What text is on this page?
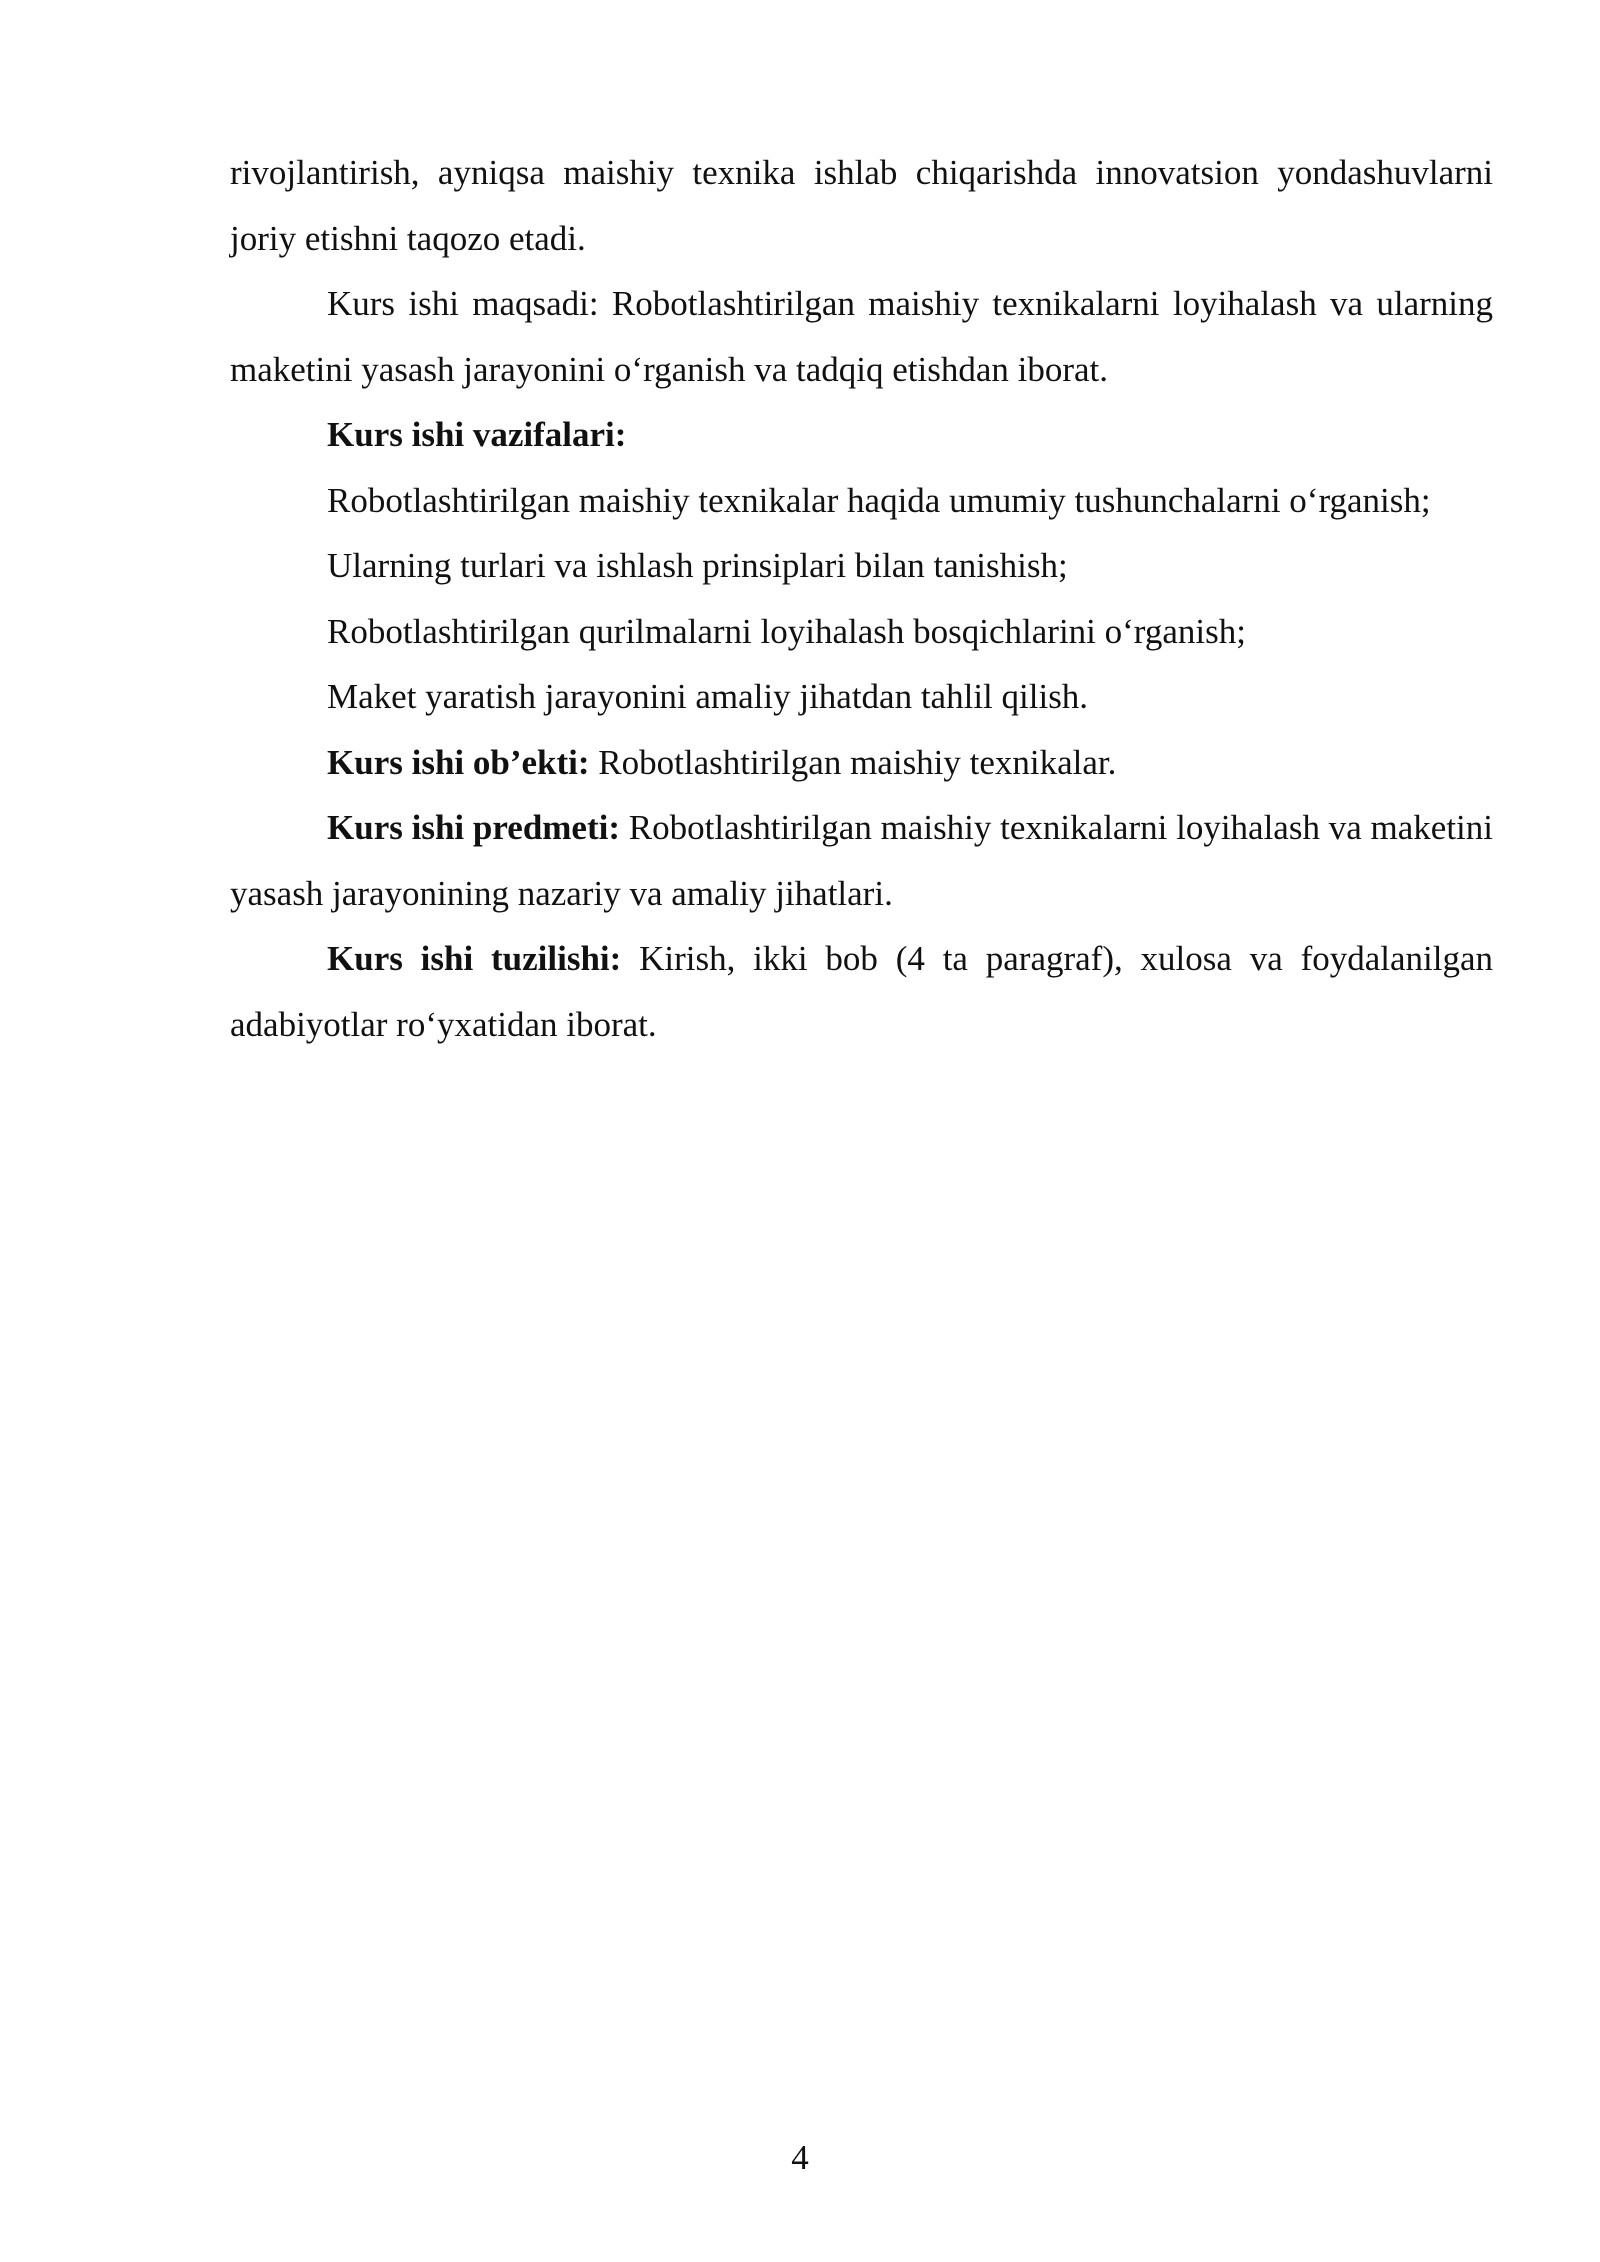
rivojlantirish, ayniqsa maishiy texnika ishlab chiqarishda innovatsion yondashuvlarni joriy etishni taqozo etadi.

Kurs ishi maqsadi: Robotlashtirilgan maishiy texnikalarni loyihalash va ularning maketini yasash jarayonini o‘rganish va tadqiq etishdan iborat.

Kurs ishi vazifalari:

Robotlashtirilgan maishiy texnikalar haqida umumiy tushunchalarni o‘rganish;

Ularning turlari va ishlash prinsiplari bilan tanishish;

Robotlashtirilgan qurilmalarni loyihalash bosqichlarini o‘rganish;

Maket yaratish jarayonini amaliy jihatdan tahlil qilish.

Kurs ishi ob’ekti: Robotlashtirilgan maishiy texnikalar.

Kurs ishi predmeti: Robotlashtirilgan maishiy texnikalarni loyihalash va maketini yasash jarayonining nazariy va amaliy jihatlari.

Kurs ishi tuzilishi: Kirish, ikki bob (4 ta paragraf), xulosa va foydalanilgan adabiyotlar ro‘yxatidan iborat.

4
